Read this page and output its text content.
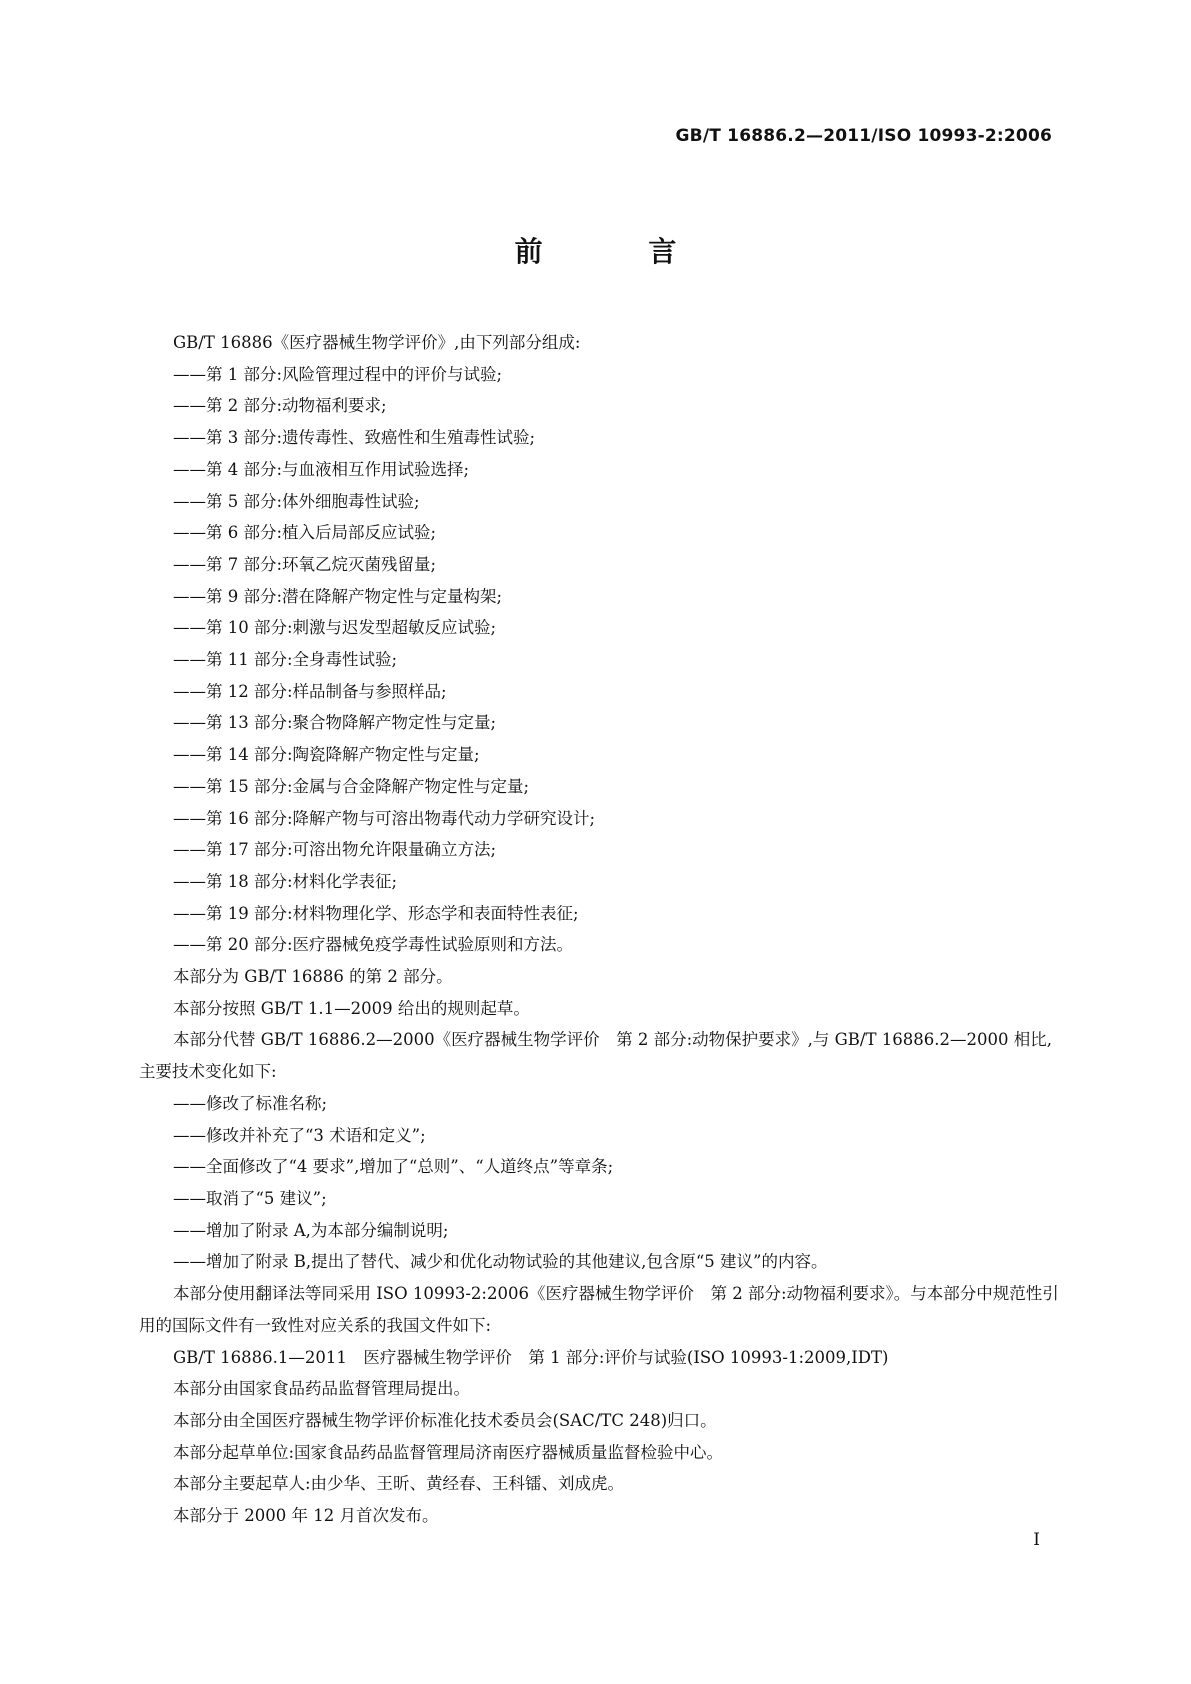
GB/T 16886.2—2011/ISO 10993-2:2006
前 言

GB/T 16886《医疗器械生物学评价》,由下列部分组成:

——第 1 部分:风险管理过程中的评价与试验;

——第 2 部分:动物福利要求;

——第 3 部分:遗传毒性、致癌性和生殖毒性试验;

——第 4 部分:与血液相互作用试验选择;

——第 5 部分:体外细胞毒性试验;

——第 6 部分:植入后局部反应试验;

——第 7 部分:环氧乙烷灭菌残留量;

——第 9 部分:潜在降解产物定性与定量构架;

——第 10 部分:刺激与迟发型超敏反应试验;

——第 11 部分:全身毒性试验;

——第 12 部分:样品制备与参照样品;

——第 13 部分:聚合物降解产物定性与定量;

——第 14 部分:陶瓷降解产物定性与定量;

——第 15 部分:金属与合金降解产物定性与定量;

——第 16 部分:降解产物与可溶出物毒代动力学研究设计;

——第 17 部分:可溶出物允许限量确立方法;

——第 18 部分:材料化学表征;

——第 19 部分:材料物理化学、形态学和表面特性表征;

——第 20 部分:医疗器械免疫学毒性试验原则和方法。

本部分为 GB/T 16886 的第 2 部分。

本部分按照 GB/T 1.1—2009 给出的规则起草。

本部分代替 GB/T 16886.2—2000《医疗器械生物学评价　第 2 部分:动物保护要求》,与 GB/T 16886.2—2000 相比,主要技术变化如下:

——修改了标准名称;

——修改并补充了“3 术语和定义”;

——全面修改了“4 要求”,增加了“总则”、“人道终点”等章条;

——取消了“5 建议”;

——增加了附录 A,为本部分编制说明;

——增加了附录 B,提出了替代、减少和优化动物试验的其他建议,包含原“5 建议”的内容。

本部分使用翻译法等同采用 ISO 10993-2:2006《医疗器械生物学评价　第 2 部分:动物福利要求》。与本部分中规范性引用的国际文件有一致性对应关系的我国文件如下:

GB/T 16886.1—2011　医疗器械生物学评价　第 1 部分:评价与试验(ISO 10993-1:2009,IDT)

本部分由国家食品药品监督管理局提出。

本部分由全国医疗器械生物学评价标准化技术委员会(SAC/TC 248)归口。

本部分起草单位:国家食品药品监督管理局济南医疗器械质量监督检验中心。

本部分主要起草人:由少华、王昕、黄经春、王科镭、刘成虎。

本部分于 2000 年 12 月首次发布。

I
